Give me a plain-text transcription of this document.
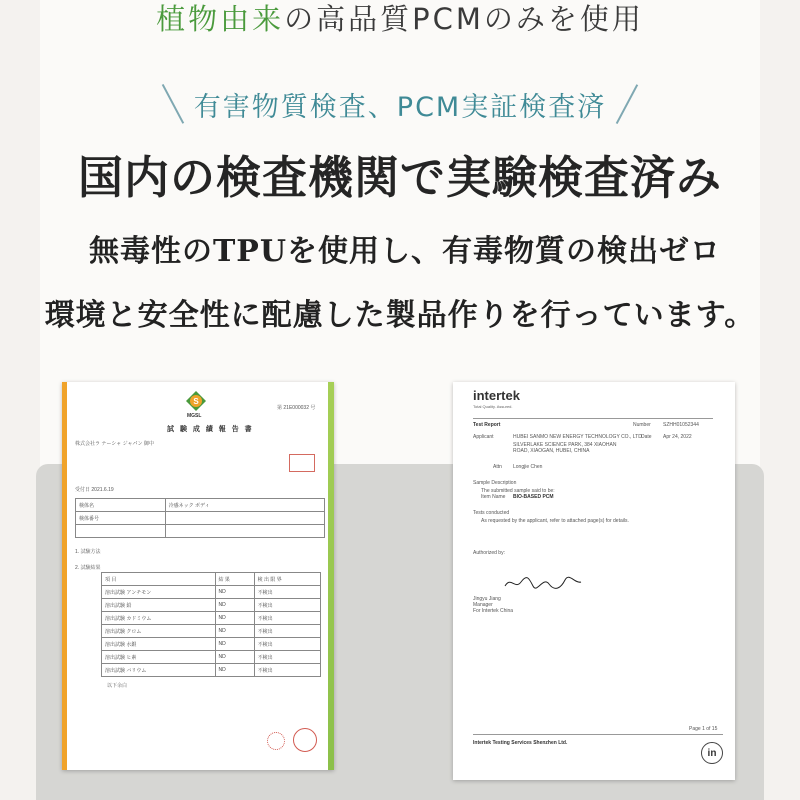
植物由来の高品質PCMのみを使用
有害物質検査、PCM実証検査済
国内の検査機関で実験検査済み
無毒性のTPUを使用し、有毒物質の検出ゼロ
環境と安全性に配慮した製品作りを行っています。
S
MGSL
第 21E000032 号
試 験 成 績 報 告 書
株式会社ラ ナーシャ ジャパン 御中
受付日 2021.6.19
検体名	冷感ネック ボディ
検体番号	

1. 試験方法
2. 試験結果
項 目	結 果	検 出 限 界
溶出試験 アンチモン	ND	不検出
溶出試験 鉛	ND	不検出
溶出試験 カドミウム	ND	不検出
溶出試験 クロム	ND	不検出
溶出試験 水銀	ND	不検出
溶出試験 ヒ素	ND	不検出
溶出試験 バリウム	ND	不検出
以下余白
intertek
Total Quality. Assured.
Test Report	Number SZHH01052344
Applicant	HUBEI SANMO NEW ENERGY TECHNOLOGY CO., LTD.
Date Apr 24, 2022
SILVERLAKE SCIENCE PARK, 384 XIAOHAN ROAD, XIAOGAN, HUBEI, CHINA
Attn Longjie Chen
Sample Description
The submitted sample said to be:
Item Name BIO-BASED PCM
Tests conducted
As requested by the applicant, refer to attached page(s) for details.
Authorized by:
Jingyu Jiang
Manager
For Intertek China
Page 1 of 15
Intertek Testing Services Shenzhen Ltd.
in
